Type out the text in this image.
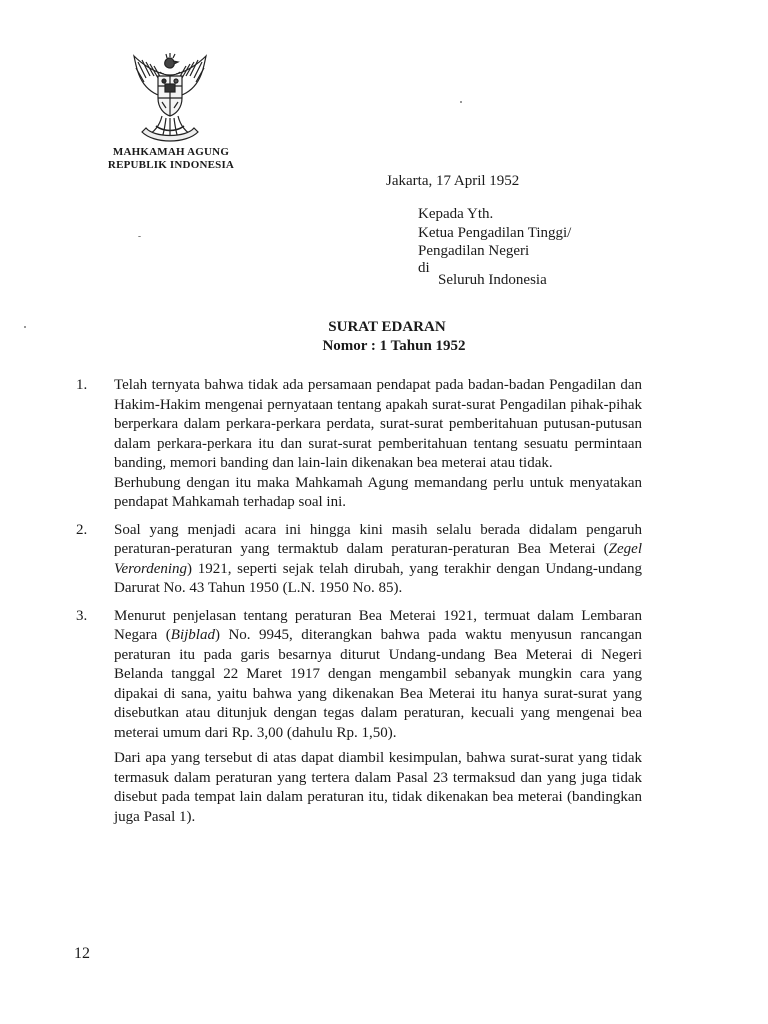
MAHKAMAH AGUNG
REPUBLIK INDONESIA
Jakarta, 17 April 1952
Kepada Yth.
Ketua Pengadilan Tinggi/
Pengadilan Negeri
di
Seluruh Indonesia
SURAT EDARAN
Nomor : 1 Tahun 1952
1.	Telah ternyata bahwa tidak ada persamaan pendapat pada badan-badan Pengadilan dan Hakim-Hakim mengenai pernyataan tentang apakah surat-surat Pengadilan pihak-pihak berperkara dalam perkara-perkara perdata, surat-surat pemberitahuan putusan-putusan dalam perkara-perkara itu dan surat-surat pemberitahuan tentang sesuatu permintaan banding, memori banding dan lain-lain dikenakan bea meterai atau tidak.

Berhubung dengan itu maka Mahkamah Agung memandang perlu untuk menyatakan pendapat Mahkamah terhadap soal ini.

2.	Soal yang menjadi acara ini hingga kini masih selalu berada didalam pengaruh peraturan-peraturan yang termaktub dalam peraturan-peraturan Bea Meterai (Zegel Verordening) 1921, seperti sejak telah dirubah, yang terakhir dengan Undang-undang Darurat No. 43 Tahun 1950 (L.N. 1950 No. 85).

3.	Menurut penjelasan tentang peraturan Bea Meterai 1921, termuat dalam Lembaran Negara (Bijblad) No. 9945, diterangkan bahwa pada waktu menyusun rancangan peraturan itu pada garis besarnya diturut Undang-undang Bea Meterai di Negeri Belanda tanggal 22 Maret 1917 dengan mengambil sebanyak mungkin cara yang dipakai di sana, yaitu bahwa yang dikenakan Bea Meterai itu hanya surat-surat yang disebutkan atau ditunjuk dengan tegas dalam peraturan, kecuali yang mengenai bea meterai umum dari Rp. 3,00 (dahulu Rp. 1,50).

Dari apa yang tersebut di atas dapat diambil kesimpulan, bahwa surat-surat yang tidak termasuk dalam peraturan yang tertera dalam Pasal 23 termaksud dan yang juga tidak disebut pada tempat lain dalam peraturan itu, tidak dikenakan bea meterai (bandingkan juga Pasal 1).

12
